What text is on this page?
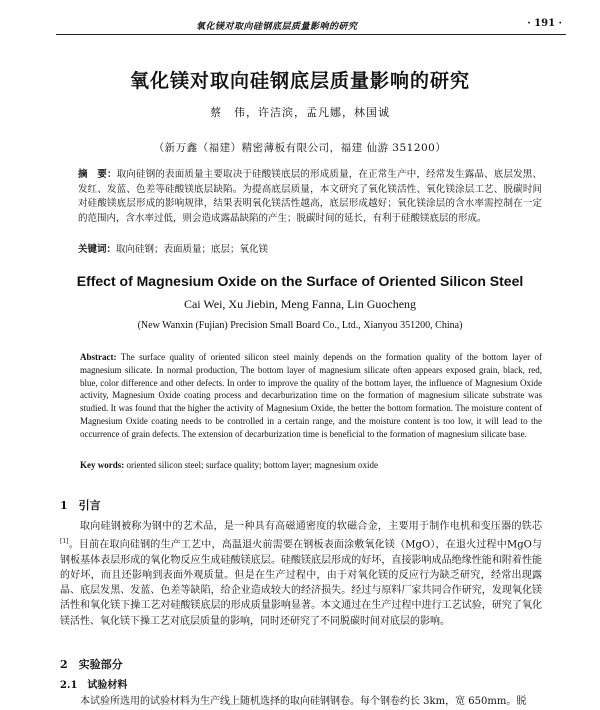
氧化镁对取向硅钢底层质量影响的研究	· 191 ·
氧化镁对取向硅钢底层质量影响的研究
蔡　伟，许洁滨，孟凡娜，林国诚
（新万鑫（福建）精密薄板有限公司，福建 仙游 351200）
摘　要：取向硅钢的表面质量主要取决于硅酸镁底层的形成质量，在正常生产中，经常发生露晶、底层发黑、发红、发蓝、色差等硅酸镁底层缺陷。为提高底层质量，本文研究了氧化镁活性、氧化镁涂层工艺、脱碳时间对硅酸镁底层形成的影响规律，结果表明氧化镁活性越高，底层形成越好；氧化镁涂层的含水率需控制在一定的范围内，含水率过低，则会造成露晶缺陷的产生；脱碳时间的延长，有利于硅酸镁底层的形成。
关键词：取向硅钢；表面质量；底层；氧化镁
Effect of Magnesium Oxide on the Surface of Oriented Silicon Steel
Cai Wei, Xu Jiebin, Meng Fanna, Lin Guocheng
(New Wanxin (Fujian) Precision Small Board Co., Ltd., Xianyou 351200, China)
Abstract: The surface quality of oriented silicon steel mainly depends on the formation quality of the bottom layer of magnesium silicate. In normal production, The bottom layer of magnesium silicate often appears exposed grain, black, red, blue, color difference and other defects. In order to improve the quality of the bottom layer, the influence of Magnesium Oxide activity, Magnesium Oxide coating process and decarburization time on the formation of magnesium silicate substrate was studied. It was found that the higher the activity of Magnesium Oxide, the better the bottom formation. The moisture content of Magnesium Oxide coating needs to be controlled in a certain range, and the moisture content is too low, it will lead to the occurrence of grain defects. The extension of decarburization time is beneficial to the formation of magnesium silicate base.
Key words: oriented silicon steel; surface quality; bottom layer; magnesium oxide
1　引言
取向硅钢被称为钢中的艺术品，是一种具有高磁通密度的软磁合金，主要用于制作电机和变压器的铁芯[1]。目前在取向硅钢的生产工艺中，高温退火前需要在钢板表面涂敷氧化镁（MgO），在退火过程中MgO与钢板基体表层形成的氧化物反应生成硅酸镁底层。硅酸镁底层形成的好坏，直接影响成品绝缘性能和附着性能的好坏，而且还影响到表面外观质量。但是在生产过程中，由于对氧化镁的反应行为缺乏研究，经常出现露晶、底层发黑、发蓝、色差等缺陷，给企业造成较大的经济损失。经过与原料厂家共同合作研究，发现氧化镁活性和氧化镁下操工艺对硅酸镁底层的形成质量影响显著。本文通过在生产过程中进行工艺试验，研究了氧化镁活性、氧化镁下操工艺对底层质量的影响，同时还研究了不同脱碳时间对底层的影响。
2　实验部分
2.1　试验材料
本试验所选用的试验材料为生产线上随机选择的取向硅钢钢卷。每个钢卷约长 3km，宽 650mm。脱
